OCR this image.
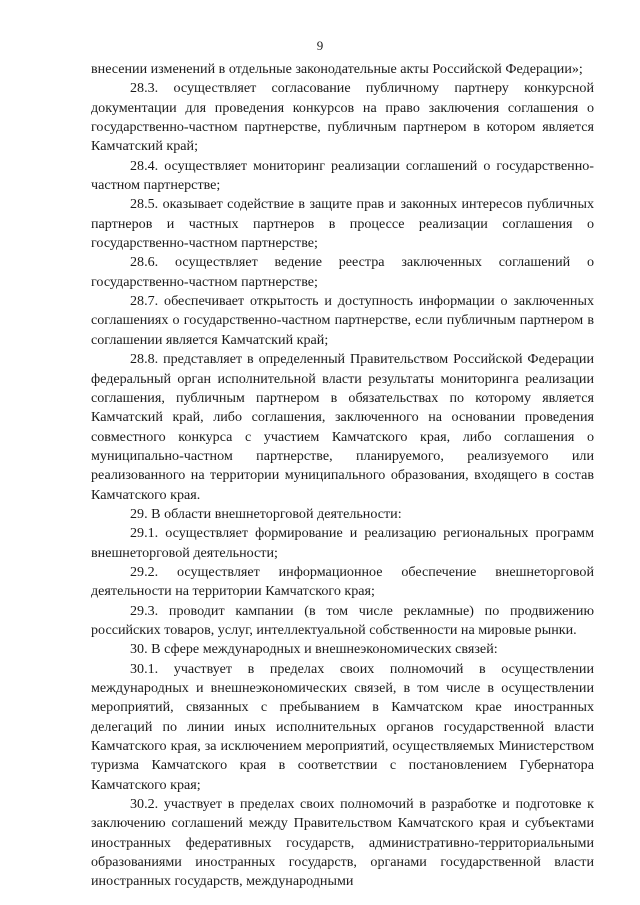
9

внесении изменений в отдельные законодательные акты Российской Федерации»;

28.3. осуществляет согласование публичному партнеру конкурсной документации для проведения конкурсов на право заключения соглашения о государственно-частном партнерстве, публичным партнером в котором является Камчатский край;

28.4. осуществляет мониторинг реализации соглашений о государственно-частном партнерстве;

28.5. оказывает содействие в защите прав и законных интересов публичных партнеров и частных партнеров в процессе реализации соглашения о государственно-частном партнерстве;

28.6. осуществляет ведение реестра заключенных соглашений о государственно-частном партнерстве;

28.7. обеспечивает открытость и доступность информации о заключенных соглашениях о государственно-частном партнерстве, если публичным партнером в соглашении является Камчатский край;

28.8. представляет в определенный Правительством Российской Федерации федеральный орган исполнительной власти результаты мониторинга реализации соглашения, публичным партнером в обязательствах по которому является Камчатский край, либо соглашения, заключенного на основании проведения совместного конкурса с участием Камчатского края, либо соглашения о муниципально-частном партнерстве, планируемого, реализуемого или реализованного на территории муниципального образования, входящего в состав Камчатского края.

29. В области внешнеторговой деятельности:

29.1. осуществляет формирование и реализацию региональных программ внешнеторговой деятельности;

29.2. осуществляет информационное обеспечение внешнеторговой деятельности на территории Камчатского края;

29.3. проводит кампании (в том числе рекламные) по продвижению российских товаров, услуг, интеллектуальной собственности на мировые рынки.

30. В сфере международных и внешнеэкономических связей:

30.1. участвует в пределах своих полномочий в осуществлении международных и внешнеэкономических связей, в том числе в осуществлении мероприятий, связанных с пребыванием в Камчатском крае иностранных делегаций по линии иных исполнительных органов государственной власти Камчатского края, за исключением мероприятий, осуществляемых Министерством туризма Камчатского края в соответствии с постановлением Губернатора Камчатского края;

30.2. участвует в пределах своих полномочий в разработке и подготовке к заключению соглашений между Правительством Камчатского края и субъектами иностранных федеративных государств, административно-территориальными образованиями иностранных государств, органами государственной власти иностранных государств, международными
